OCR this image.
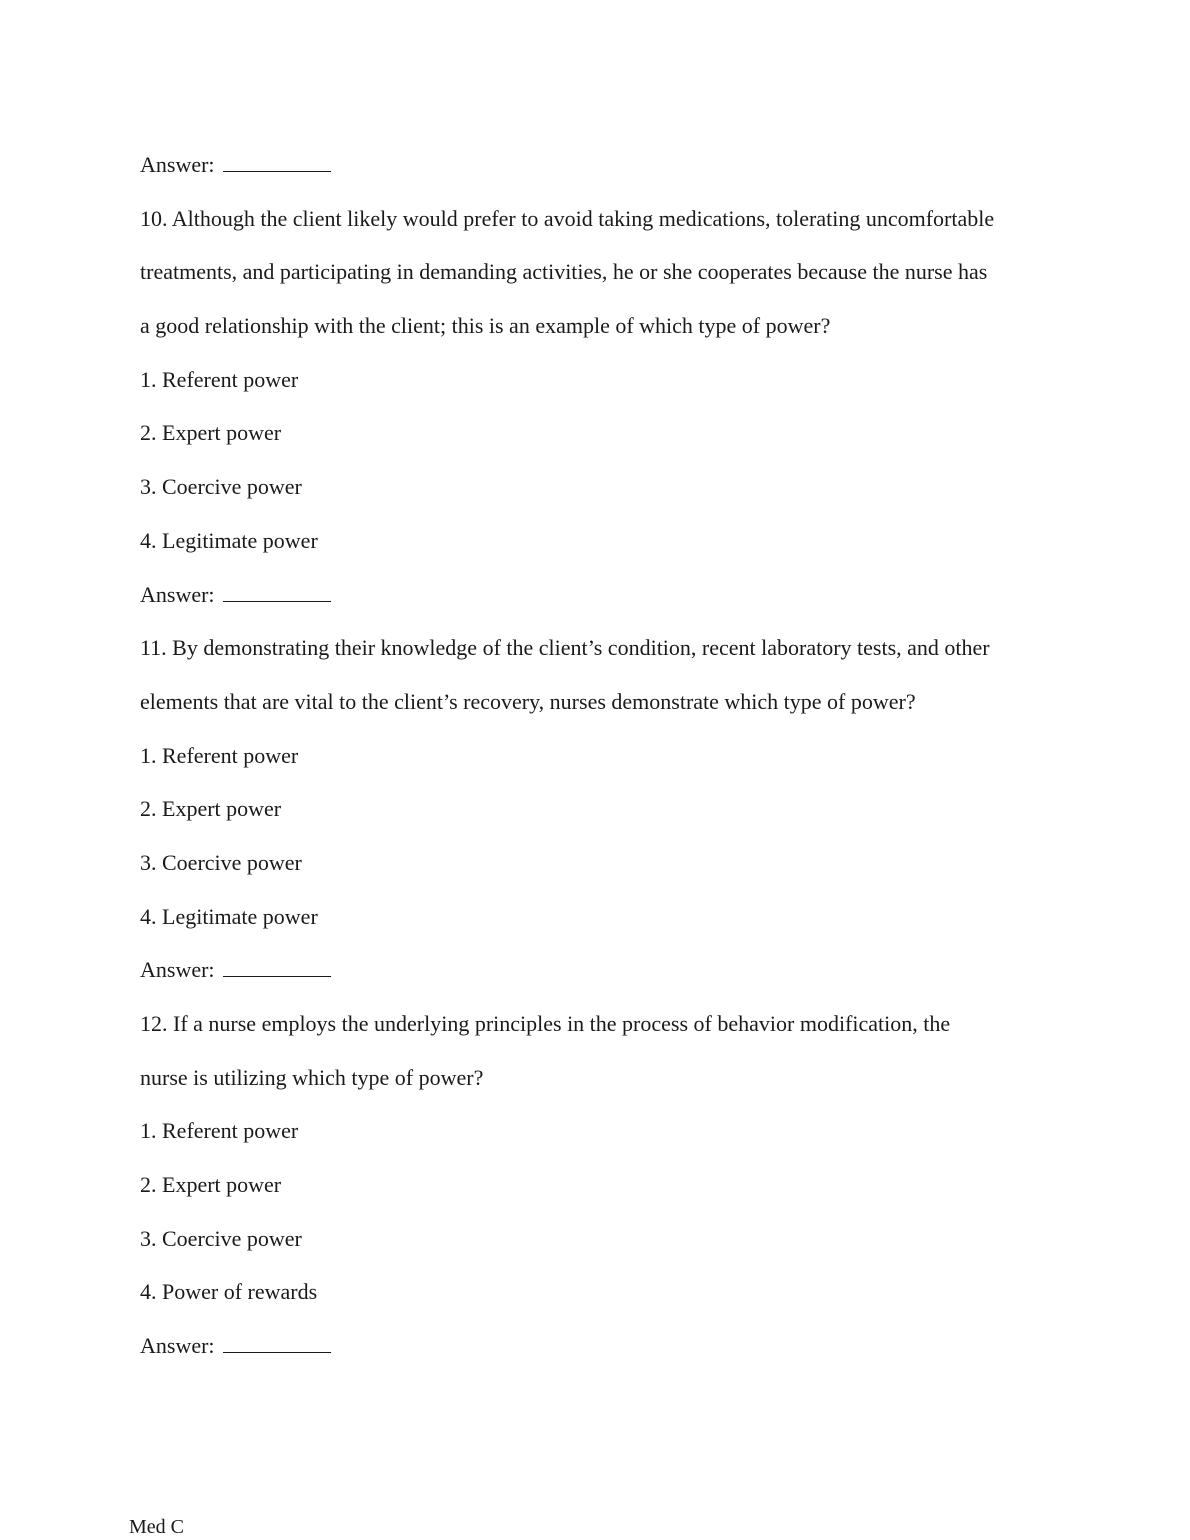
Answer:
10. Although the client likely would prefer to avoid taking medications, tolerating uncomfortable
treatments, and participating in demanding activities, he or she cooperates because the nurse has
a good relationship with the client; this is an example of which type of power?
1. Referent power
2. Expert power
3. Coercive power
4. Legitimate power
Answer:
11. By demonstrating their knowledge of the client’s condition, recent laboratory tests, and other
elements that are vital to the client’s recovery, nurses demonstrate which type of power?
1. Referent power
2. Expert power
3. Coercive power
4. Legitimate power
Answer:
12. If a nurse employs the underlying principles in the process of behavior modification, the
nurse is utilizing which type of power?
1. Referent power
2. Expert power
3. Coercive power
4. Power of rewards
Answer:
Med C
